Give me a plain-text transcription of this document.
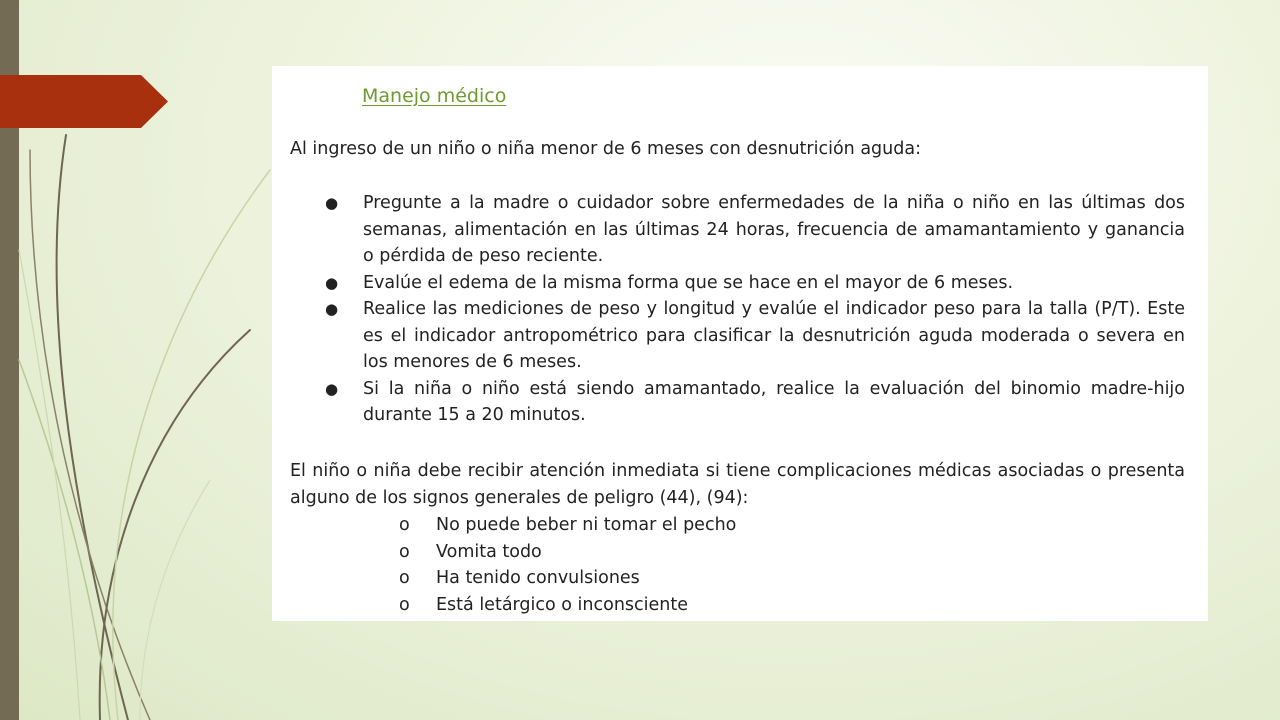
Manejo médico

Al ingreso de un niño o niña menor de 6 meses con desnutrición aguda:

● Pregunte a la madre o cuidador sobre enfermedades de la niña o niño en las últimas dos semanas, alimentación en las últimas 24 horas, frecuencia de amamantamiento y ganancia o pérdida de peso reciente.
● Evalúe el edema de la misma forma que se hace en el mayor de 6 meses.
● Realice las mediciones de peso y longitud y evalúe el indicador peso para la talla (P/T). Este es el indicador antropométrico para clasificar la desnutrición aguda moderada o severa en los menores de 6 meses.
● Si la niña o niño está siendo amamantado, realice la evaluación del binomio madre-hijo durante 15 a 20 minutos.

El niño o niña debe recibir atención inmediata si tiene complicaciones médicas asociadas o presenta alguno de los signos generales de peligro (44), (94):

o No puede beber ni tomar el pecho
o Vomita todo
o Ha tenido convulsiones
o Está letárgico o inconsciente
